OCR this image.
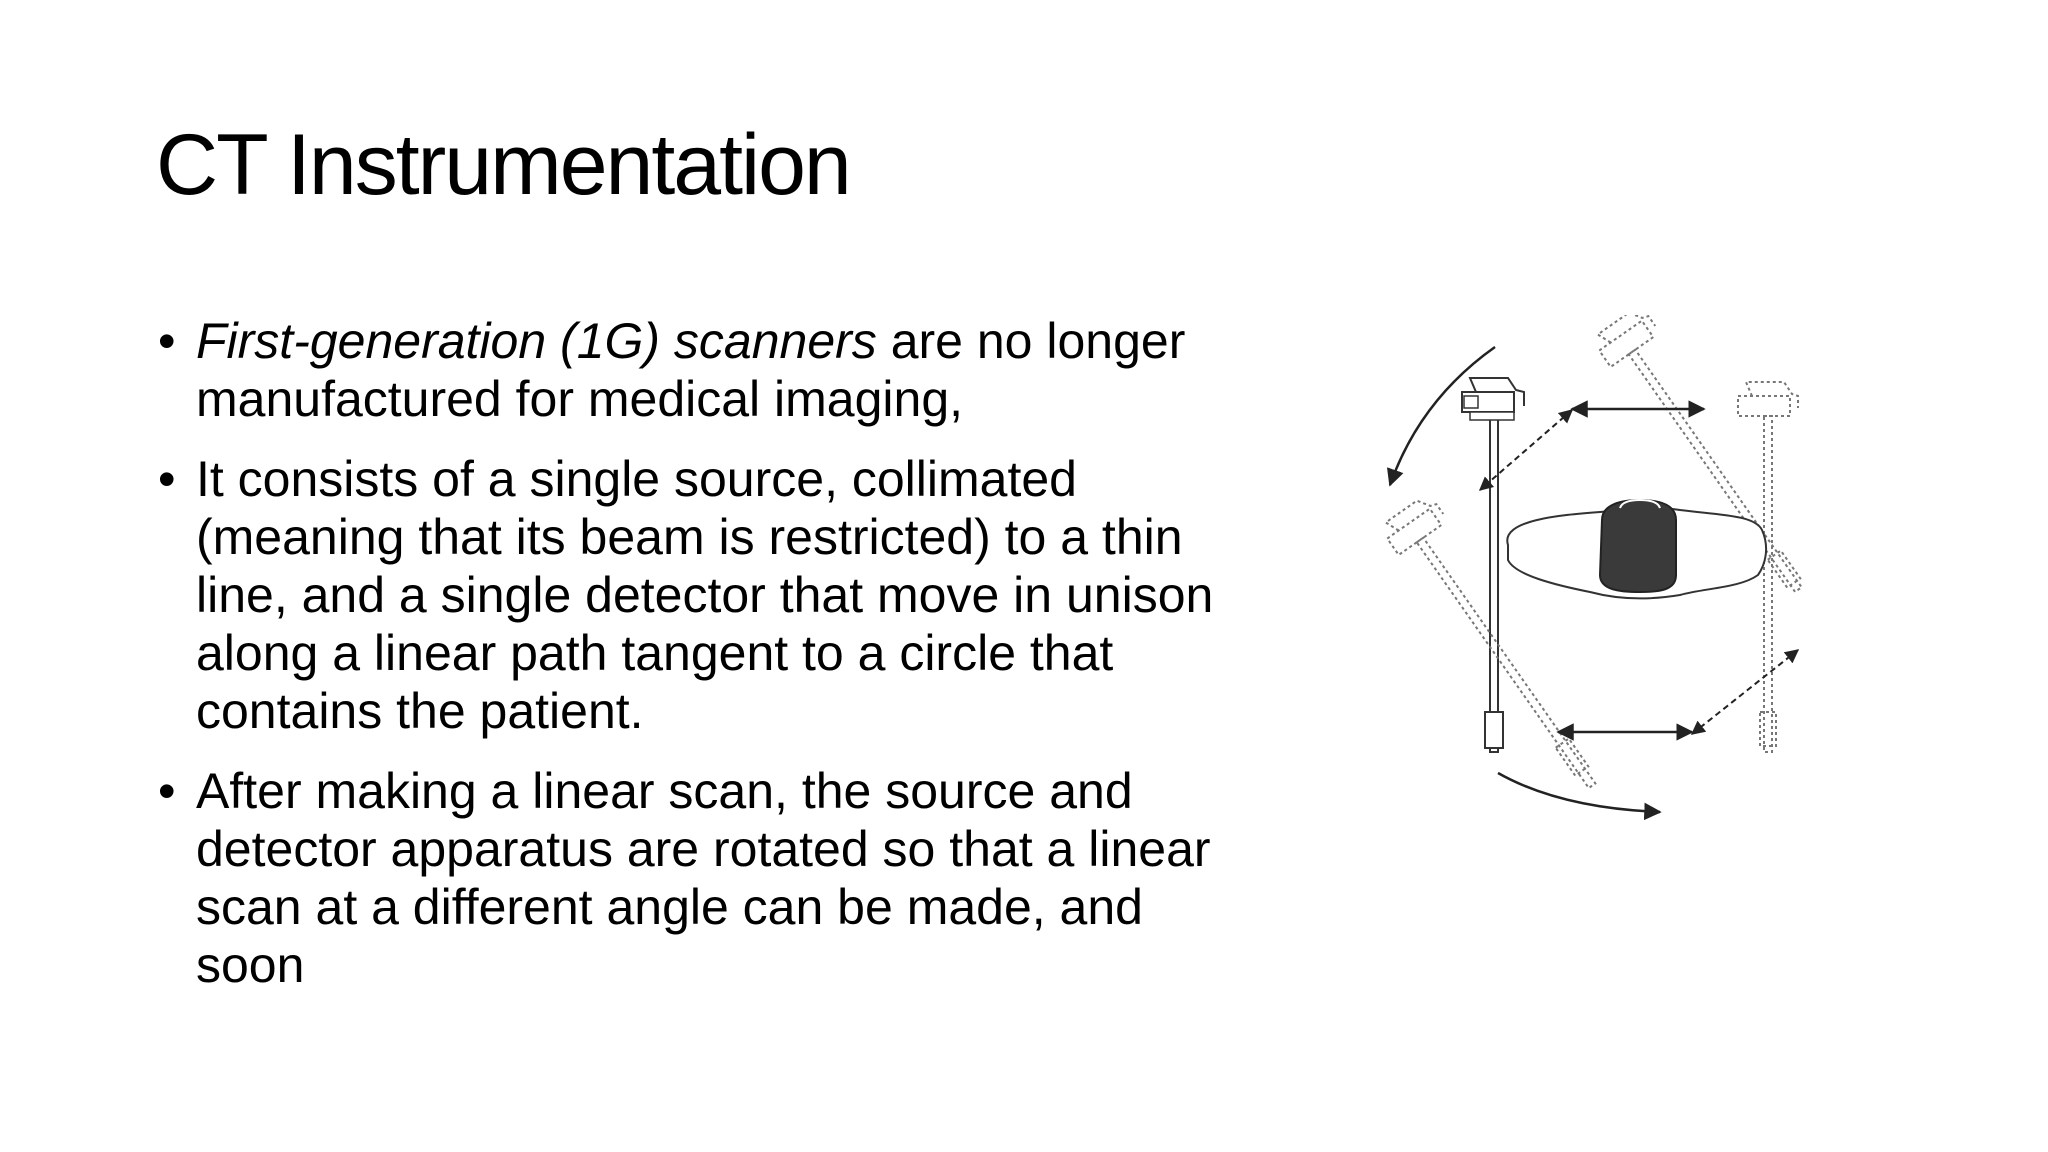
CT Instrumentation
• First-generation (1G) scanners are no longer manufactured for medical imaging,
• It consists of a single source, collimated (meaning that its beam is restricted) to a thin line, and a single detector that move in unison along a linear path tangent to a circle that contains the patient.
• After making a linear scan, the source and detector apparatus are rotated so that a linear scan at a different angle can be made, and soon
